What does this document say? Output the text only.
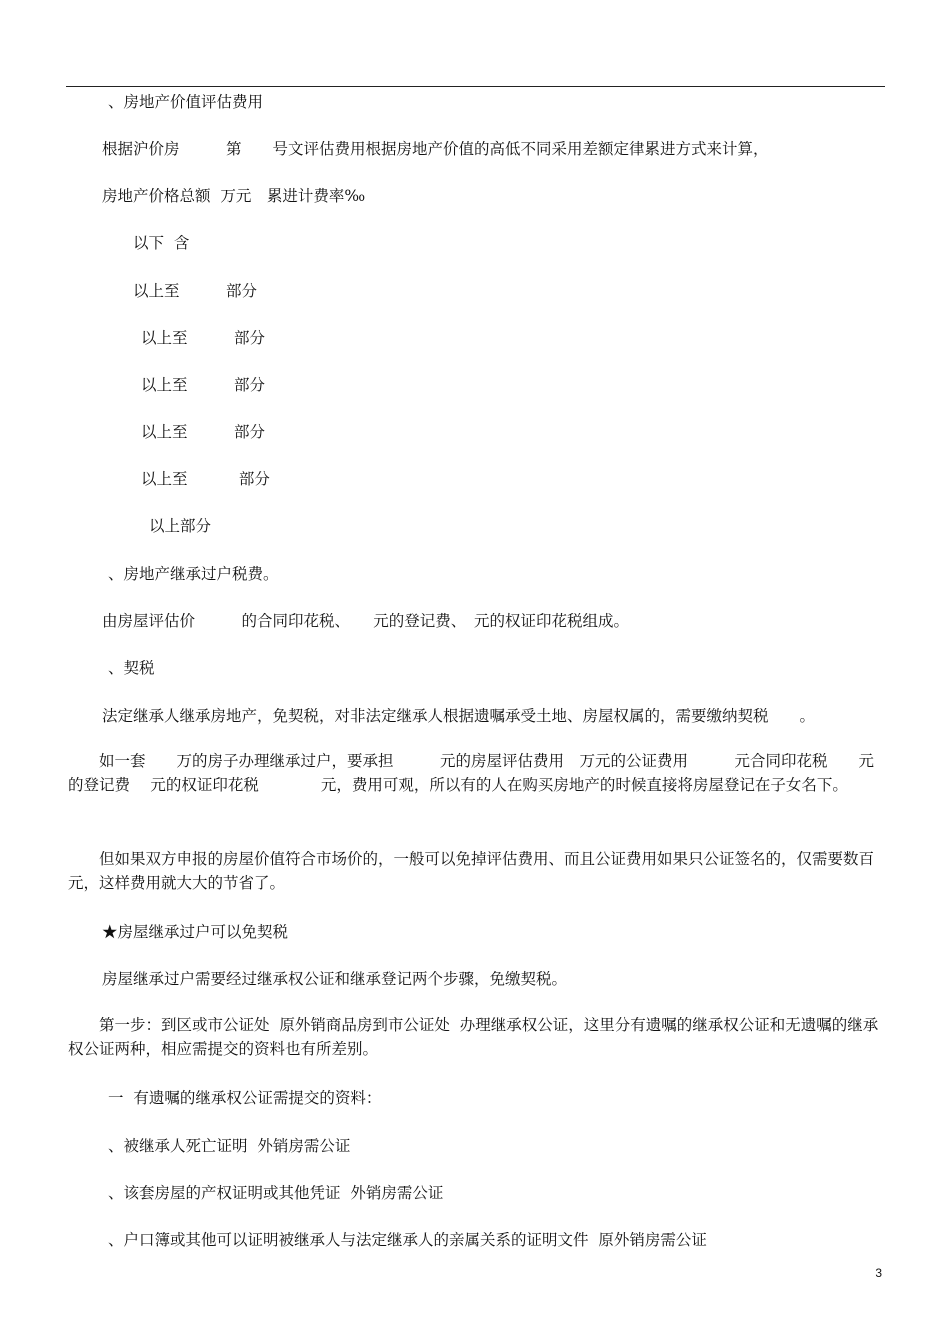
、房地产价值评估费用
根据沪价房　　　第　　号文评估费用根据房地产价值的高低不同采用差额定律累进方式来计算，
房地产价格总额  万元　累进计费率‰
以下  含
以上至　　　部分
以上至　　　部分
以上至　　　部分
以上至　　　部分
以上至　　　 部分
以上部分
、房地产继承过户税费。
由房屋评估价　　　的合同印花税、　　元的登记费、　元的权证印花税组成。
、契税
法定继承人继承房地产，免契税，对非法定继承人根据遗嘱承受土地、房屋权属的，需要缴纳契税　　。
　　如一套　　万的房子办理继承过户，要承担　　　元的房屋评估费用　万元的公证费用　　　元合同印花税　　元的登记费　 元的权证印花税　　　　元，费用可观，所以有的人在购买房地产的时候直接将房屋登记在子女名下。
　　但如果双方申报的房屋价值符合市场价的，一般可以免掉评估费用、而且公证费用如果只公证签名的，仅需要数百元，这样费用就大大的节省了。
★房屋继承过户可以免契税
房屋继承过户需要经过继承权公证和继承登记两个步骤，免缴契税。
　　第一步：到区或市公证处  原外销商品房到市公证处  办理继承权公证，这里分有遗嘱的继承权公证和无遗嘱的继承权公证两种，相应需提交的资料也有所差别。
一  有遗嘱的继承权公证需提交的资料：
、被继承人死亡证明  外销房需公证
、该套房屋的产权证明或其他凭证  外销房需公证
、户口簿或其他可以证明被继承人与法定继承人的亲属关系的证明文件  原外销房需公证
3
